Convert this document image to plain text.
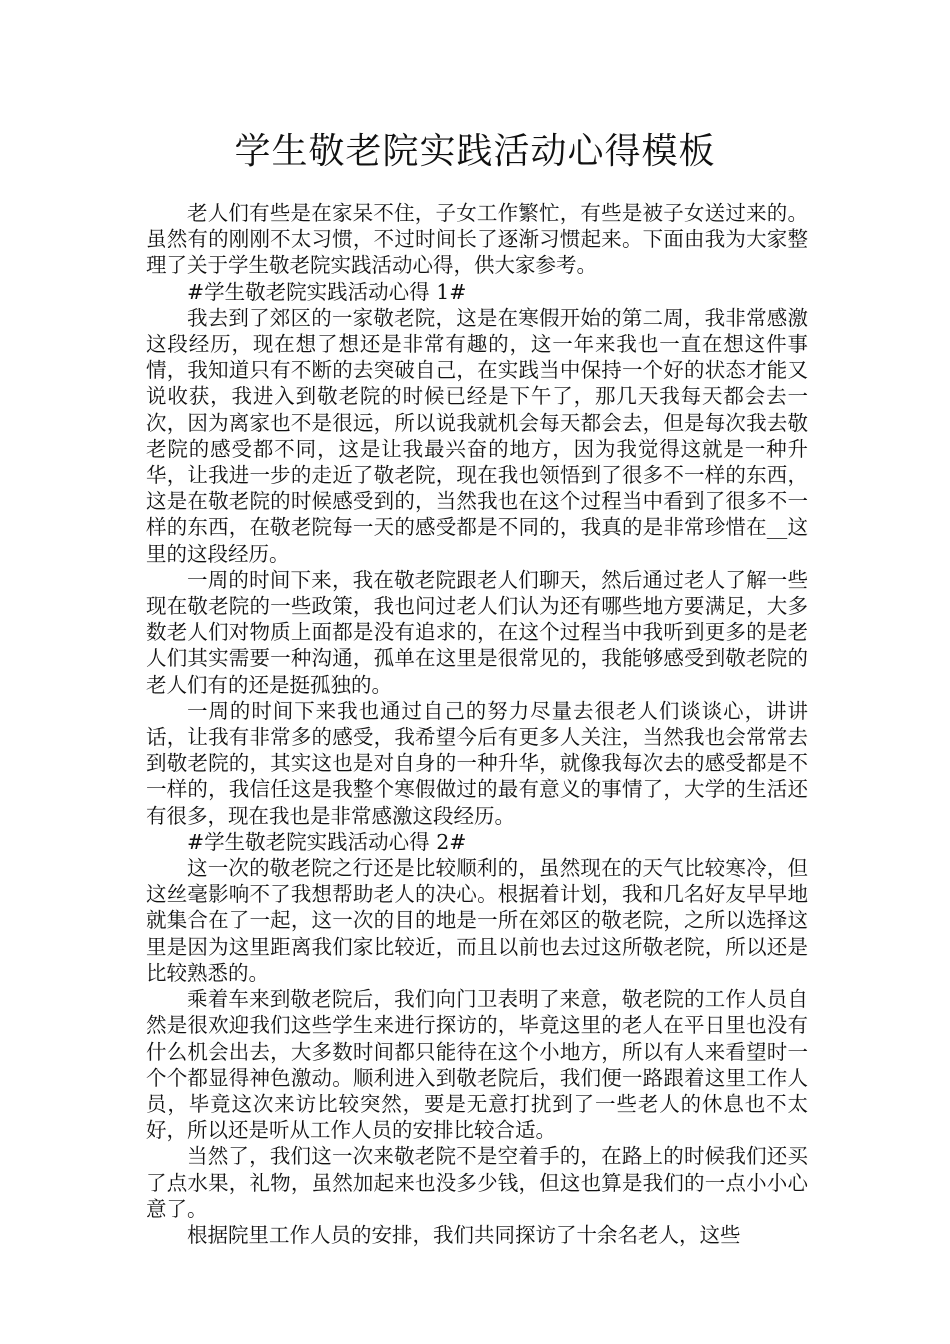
学生敬老院实践活动心得模板

老人们有些是在家呆不住，子女工作繁忙，有些是被子女送过来的。虽然有的刚刚不太习惯，不过时间长了逐渐习惯起来。下面由我为大家整理了关于学生敬老院实践活动心得，供大家参考。

#学生敬老院实践活动心得 1#

我去到了郊区的一家敬老院，这是在寒假开始的第二周，我非常感激这段经历，现在想了想还是非常有趣的，这一年来我也一直在想这件事情，我知道只有不断的去突破自己，在实践当中保持一个好的状态才能又说收获，我进入到敬老院的时候已经是下午了，那几天我每天都会去一次，因为离家也不是很远，所以说我就机会每天都会去，但是每次我去敬老院的感受都不同，这是让我最兴奋的地方，因为我觉得这就是一种升华，让我进一步的走近了敬老院，现在我也领悟到了很多不一样的东西，这是在敬老院的时候感受到的，当然我也在这个过程当中看到了很多不一样的东西，在敬老院每一天的感受都是不同的，我真的是非常珍惜在__这里的这段经历。

一周的时间下来，我在敬老院跟老人们聊天，然后通过老人了解一些现在敬老院的一些政策，我也问过老人们认为还有哪些地方要满足，大多数老人们对物质上面都是没有追求的，在这个过程当中我听到更多的是老人们其实需要一种沟通，孤单在这里是很常见的，我能够感受到敬老院的老人们有的还是挺孤独的。

一周的时间下来我也通过自己的努力尽量去很老人们谈谈心，讲讲话，让我有非常多的感受，我希望今后有更多人关注，当然我也会常常去到敬老院的，其实这也是对自身的一种升华，就像我每次去的感受都是不一样的，我信任这是我整个寒假做过的最有意义的事情了，大学的生活还有很多，现在我也是非常感激这段经历。

#学生敬老院实践活动心得 2#

这一次的敬老院之行还是比较顺利的，虽然现在的天气比较寒冷，但这丝毫影响不了我想帮助老人的决心。根据着计划，我和几名好友早早地就集合在了一起，这一次的目的地是一所在郊区的敬老院，之所以选择这里是因为这里距离我们家比较近，而且以前也去过这所敬老院，所以还是比较熟悉的。

乘着车来到敬老院后，我们向门卫表明了来意，敬老院的工作人员自然是很欢迎我们这些学生来进行探访的，毕竟这里的老人在平日里也没有什么机会出去，大多数时间都只能待在这个小地方，所以有人来看望时一个个都显得神色激动。顺利进入到敬老院后，我们便一路跟着这里工作人员，毕竟这次来访比较突然，要是无意打扰到了一些老人的休息也不太好，所以还是听从工作人员的安排比较合适。

当然了，我们这一次来敬老院不是空着手的，在路上的时候我们还买了点水果，礼物，虽然加起来也没多少钱，但这也算是我们的一点小小心意了。

根据院里工作人员的安排，我们共同探访了十余名老人，这些
